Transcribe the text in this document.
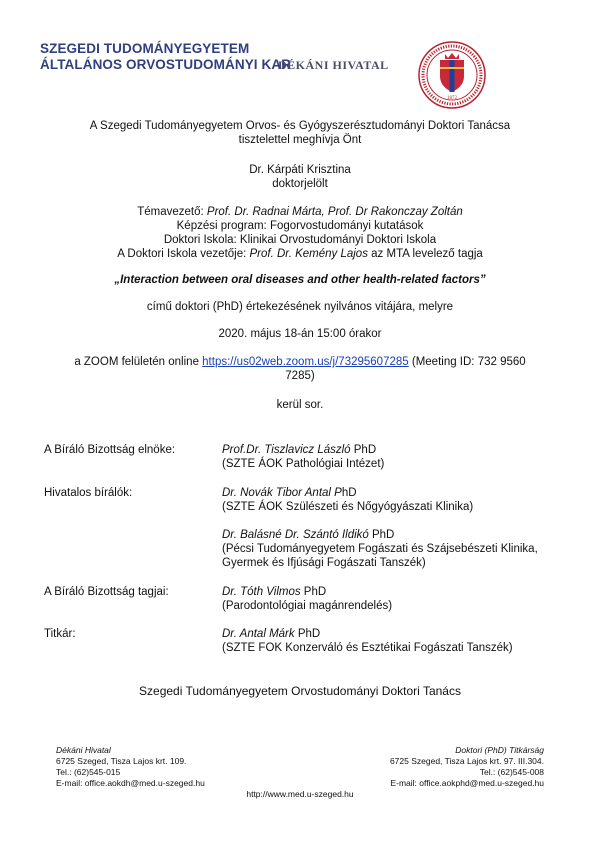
SZEGEDI TUDOMÁNYEGYETEM
ÁLTALÁNOS ORVOSTUDOMÁNYI KAR
DÉKÁNI HIVATAL
1872
A Szegedi Tudományegyetem Orvos- és Gyógyszerésztudományi Doktori Tanácsa
tisztelettel meghívja Önt
Dr. Kárpáti Krisztina
doktorjelölt
Témavezető: Prof. Dr. Radnai Márta, Prof. Dr Rakonczay Zoltán
Képzési program: Fogorvostudományi kutatások
Doktori Iskola: Klinikai Orvostudományi Doktori Iskola
A Doktori Iskola vezetője: Prof. Dr. Kemény Lajos az MTA levelező tagja
„Interaction between oral diseases and other health-related factors”
című doktori (PhD) értekezésének nyilvános vitájára, melyre
2020. május 18-án 15:00 órakor
a ZOOM felületén online https://us02web.zoom.us/j/73295607285 (Meeting ID: 732 9560
7285)
kerül sor.
A Bíráló Bizottság elnöke:	Prof.Dr. Tiszlavicz László PhD
(SZTE ÁOK Pathológiai Intézet)
Hivatalos bírálók:	Dr. Novák Tibor Antal PhD
(SZTE ÁOK Szülészeti és Nőgyógyászati Klinika)
Dr. Balásné Dr. Szántó Ildikó PhD
(Pécsi Tudományegyetem Fogászati és Szájsebészeti Klinika,
Gyermek és Ifjúsági Fogászati Tanszék)
A Bíráló Bizottság tagjai:	Dr. Tóth Vilmos PhD
(Parodontológiai magánrendelés)
Titkár:	Dr. Antal Márk PhD
(SZTE FOK Konzerváló és Esztétikai Fogászati Tanszék)
Szegedi Tudományegyetem Orvostudományi Doktori Tanács
Dékáni Hivatal
6725 Szeged, Tisza Lajos krt. 109.
Tel.: (62)545-015
E-mail: office.aokdh@med.u-szeged.hu
Doktori (PhD) Titkárság
6725 Szeged, Tisza Lajos krt. 97. III.304.
Tel.: (62)545-008
E-mail: office.aokphd@med.u-szeged.hu
http://www.med.u-szeged.hu
